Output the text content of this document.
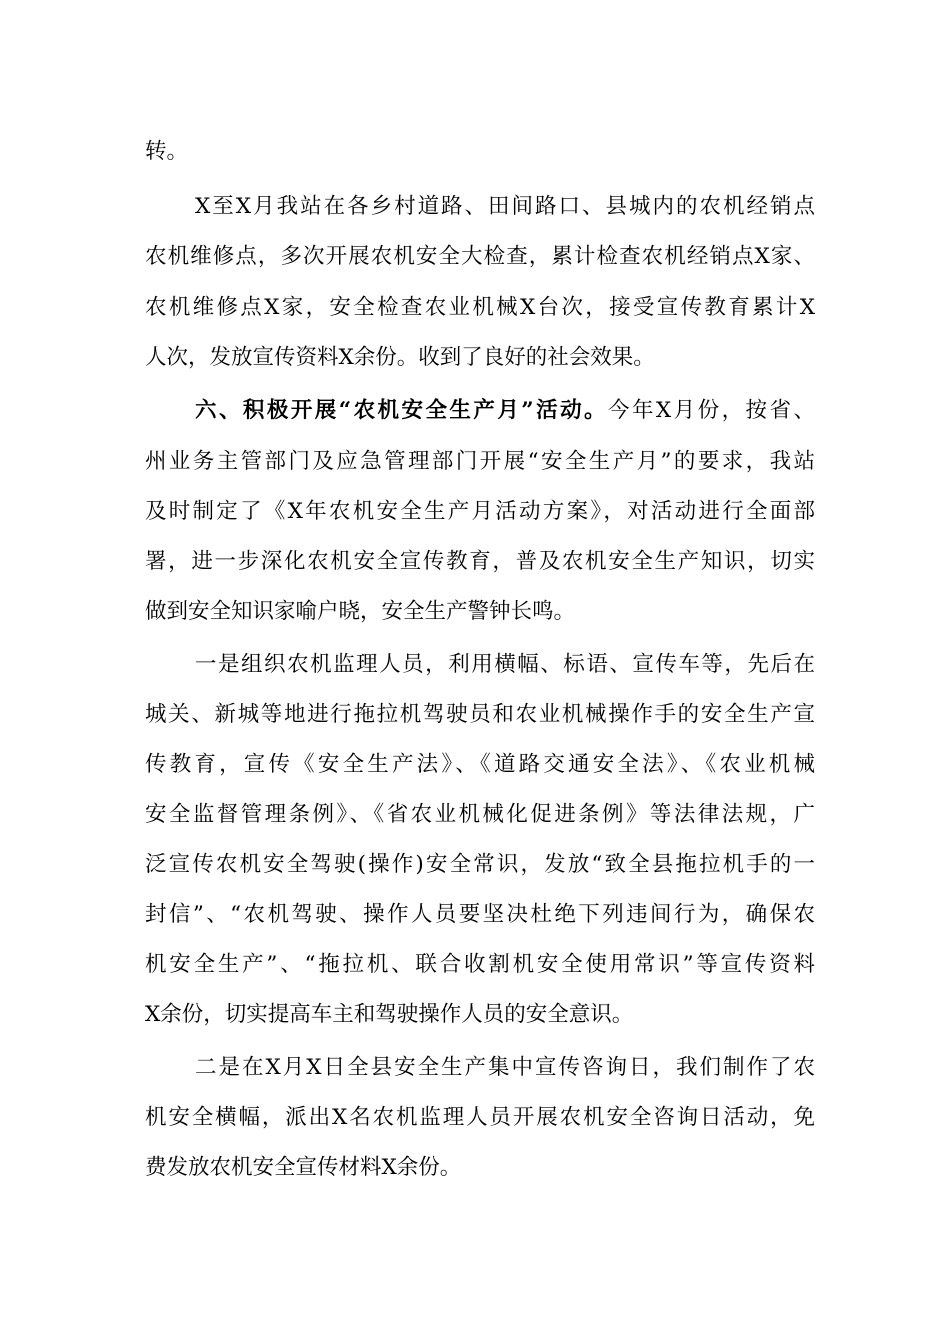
转。
X至X月我站在各乡村道路、田间路口、县城内的农机经销点
农机维修点，多次开展农机安全大检查，累计检查农机经销点X家、
农机维修点X家，安全检查农业机械X台次，接受宣传教育累计X
人次，发放宣传资料X余份。收到了良好的社会效果。
六、积极开展“农机安全生产月”活动。今年X月份，按省、
州业务主管部门及应急管理部门开展“安全生产月”的要求，我站
及时制定了《X年农机安全生产月活动方案》，对活动进行全面部
署，进一步深化农机安全宣传教育，普及农机安全生产知识，切实
做到安全知识家喻户晓，安全生产警钟长鸣。
一是组织农机监理人员，利用横幅、标语、宣传车等，先后在
城关、新城等地进行拖拉机驾驶员和农业机械操作手的安全生产宣
传教育，宣传《安全生产法》、《道路交通安全法》、《农业机械
安全监督管理条例》、《省农业机械化促进条例》等法律法规，广
泛宣传农机安全驾驶(操作)安全常识，发放“致全县拖拉机手的一
封信”、“农机驾驶、操作人员要坚决杜绝下列违间行为，确保农
机安全生产”、“拖拉机、联合收割机安全使用常识”等宣传资料
X余份，切实提高车主和驾驶操作人员的安全意识。
二是在X月X日全县安全生产集中宣传咨询日，我们制作了农
机安全横幅，派出X名农机监理人员开展农机安全咨询日活动，免
费发放农机安全宣传材料X余份。
